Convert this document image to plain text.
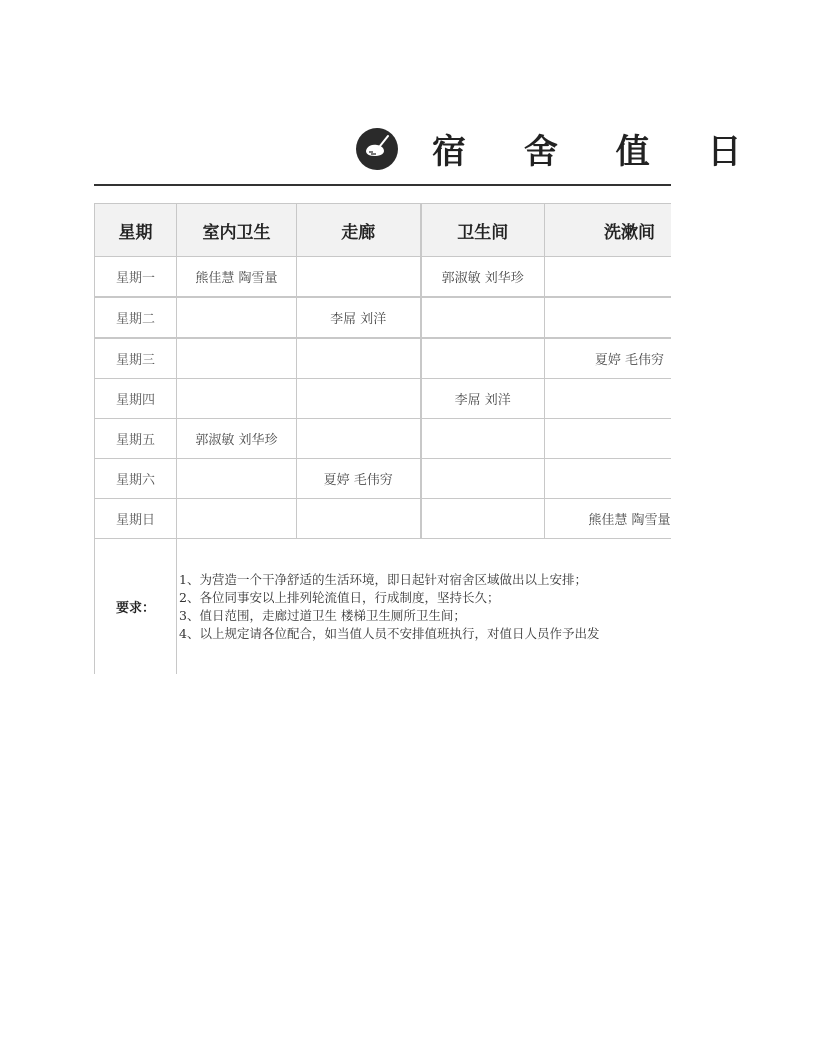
宿 舍 值 日
星期	室内卫生	走廊	卫生间	洗漱间
星期一	熊佳慧 陶雪量		郭淑敏 刘华珍	
星期二		李屌 刘洋		
星期三				夏婷 毛伟穷
星期四			李屌 刘洋	
星期五	郭淑敏 刘华珍			
星期六		夏婷 毛伟穷		
星期日				熊佳慧 陶雪量
要求：	1、为营造一个干净舒适的生活环境，即日起针对宿舍区域做出以上安排；
2、各位同事安以上排列轮流值日，行成制度，坚持长久；
3、值日范围，走廊过道卫生 楼梯卫生厕所卫生间；
4、以上规定请各位配合，如当值人员不安排值班执行，对值日人员作予出发			
